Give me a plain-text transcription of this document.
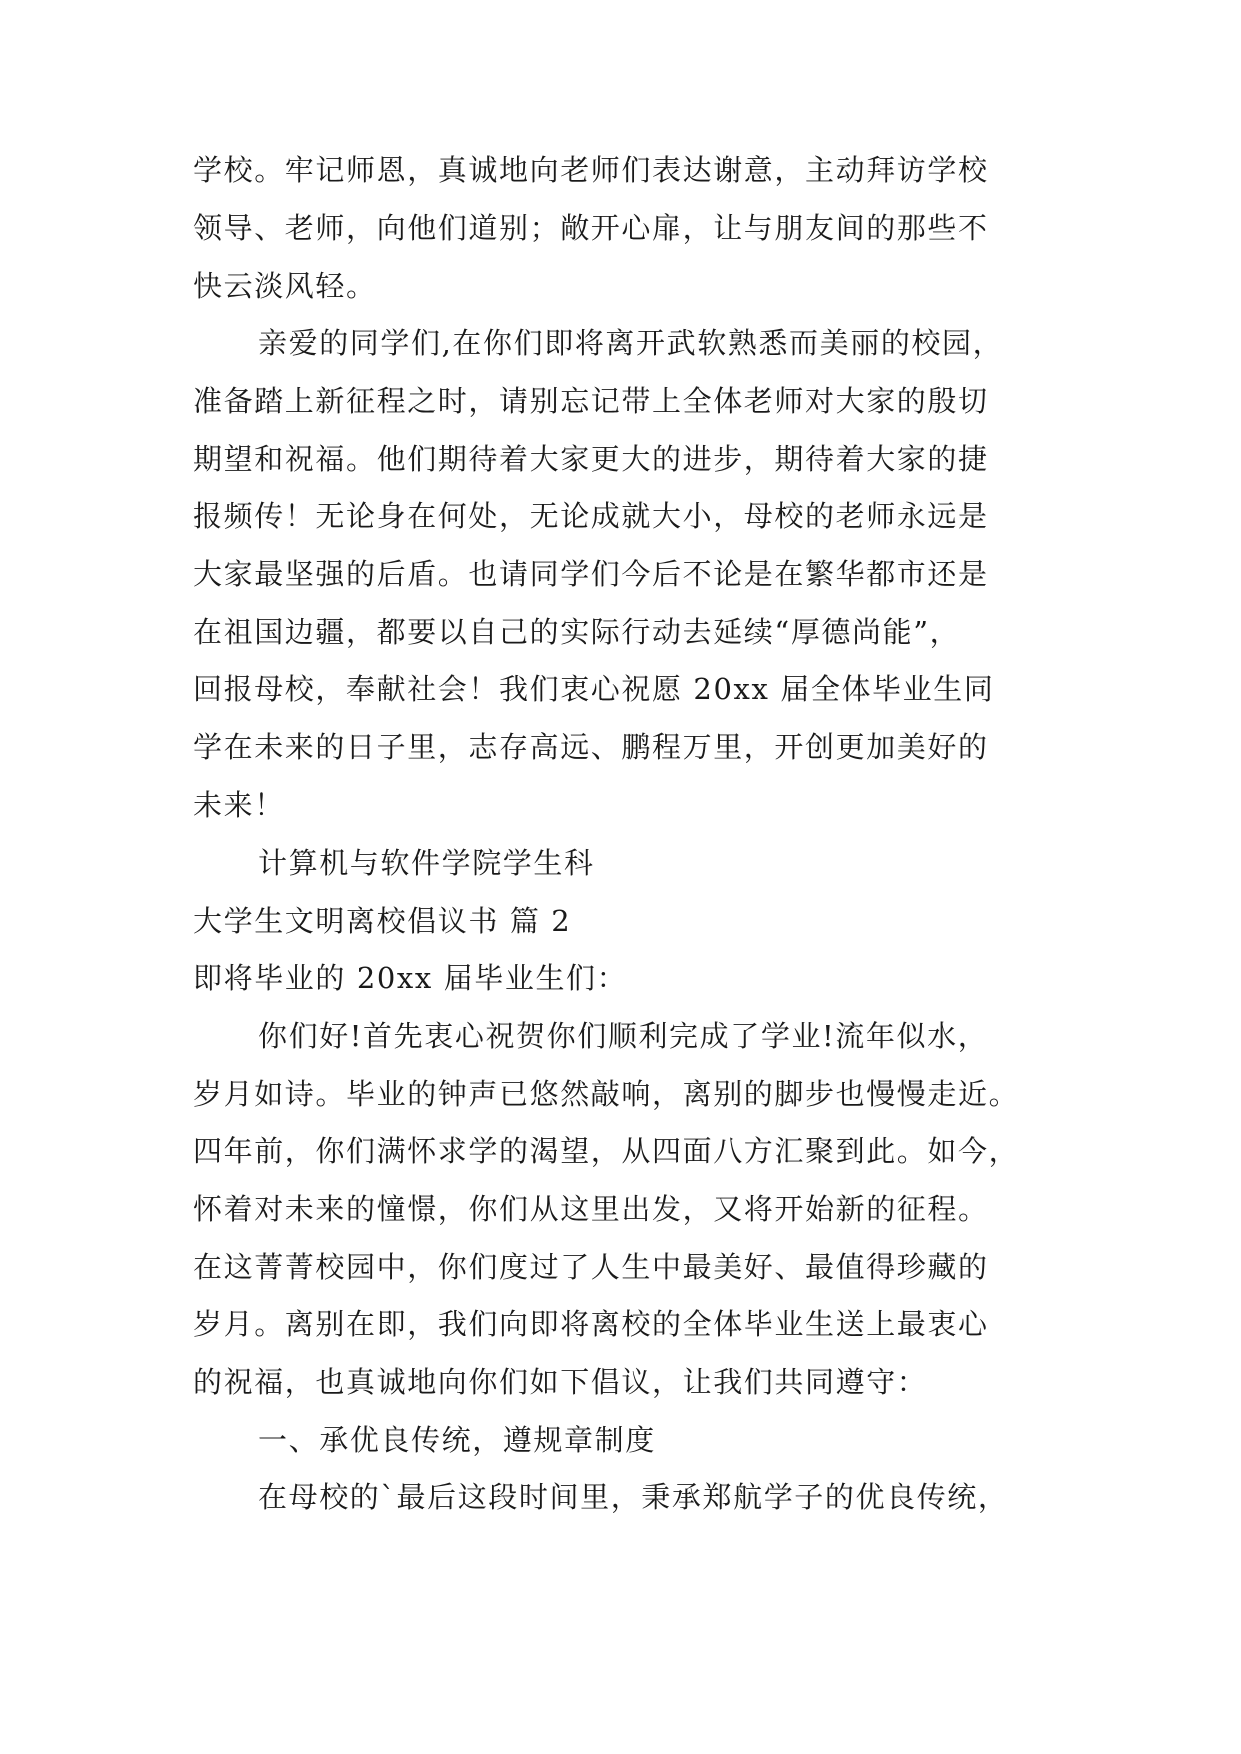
学校。牢记师恩，真诚地向老师们表达谢意，主动拜访学校
领导、老师，向他们道别；敞开心扉，让与朋友间的那些不
快云淡风轻。
亲爱的同学们,在你们即将离开武软熟悉而美丽的校园，
准备踏上新征程之时，请别忘记带上全体老师对大家的殷切
期望和祝福。他们期待着大家更大的进步，期待着大家的捷
报频传！无论身在何处，无论成就大小，母校的老师永远是
大家最坚强的后盾。也请同学们今后不论是在繁华都市还是
在祖国边疆，都要以自己的实际行动去延续“厚德尚能”，
回报母校，奉献社会！我们衷心祝愿 20xx 届全体毕业生同
学在未来的日子里，志存高远、鹏程万里，开创更加美好的
未来！
计算机与软件学院学生科
大学生文明离校倡议书 篇 2
即将毕业的 20xx 届毕业生们：
你们好!首先衷心祝贺你们顺利完成了学业!流年似水，
岁月如诗。毕业的钟声已悠然敲响，离别的脚步也慢慢走近。
四年前，你们满怀求学的渴望，从四面八方汇聚到此。如今，
怀着对未来的憧憬，你们从这里出发，又将开始新的征程。
在这菁菁校园中，你们度过了人生中最美好、最值得珍藏的
岁月。离别在即，我们向即将离校的全体毕业生送上最衷心
的祝福，也真诚地向你们如下倡议，让我们共同遵守：
一、承优良传统，遵规章制度
在母校的`最后这段时间里，秉承郑航学子的优良传统，
